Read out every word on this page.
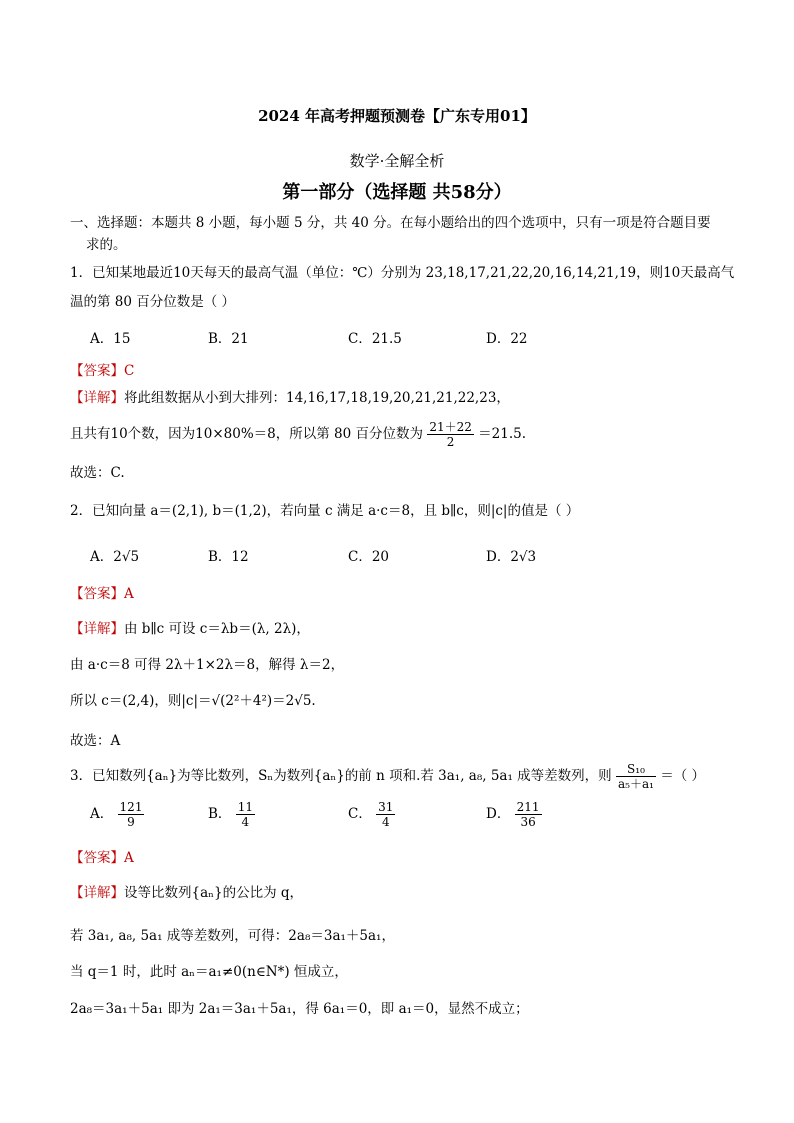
2024 年高考押题预测卷【广东专用01】
数学·全解全析
第一部分（选择题 共58分）
一、选择题：本题共 8 小题，每小题 5 分，共 40 分。在每小题给出的四个选项中，只有一项是符合题目要
求的。
1．已知某地最近10天每天的最高气温（单位：℃）分别为 23,18,17,21,22,20,16,14,21,19，则10天最高气
温的第 80 百分位数是（ ）
A．15	B．21	C．21.5	D．22
【答案】C
【详解】将此组数据从小到大排列：14,16,17,18,19,20,21,21,22,23，
且共有10个数，因为10×80%＝8，所以第 80 百分位数为 $\frac{21+22}{2} =21.5$.
故选：C.
2．已知向量 a＝(2,1), b＝(1,2)，若向量 c 满足 a·c＝8，且 b∥c，则|c|的值是（ ）
A．2√5	B．12	C．20	D．2√3
【答案】A
【详解】由 b∥c 可设 c＝λb＝(λ, 2λ)，
由 a·c＝8 可得 2λ＋1×2λ＝8，解得 λ＝2，
所以 c＝(2,4)，则|c|＝√(2²＋4²)＝2√5.
故选：A
3．已知数列{aₙ}为等比数列，Sₙ为数列{aₙ}的前 n 项和.若 3a₁, a₈, 5a₁ 成等差数列，则 $\frac{\text{S₁₀}}{\text{a₅＋a₁}}$ ＝（ ）
A． $\frac{121}{9}$	B． $\frac{11}{4}$	C． $\frac{31}{4}$	D． $\frac{211}{36}$
【答案】A
【详解】设等比数列{aₙ}的公比为 q，
若 3a₁, a₈, 5a₁ 成等差数列，可得：2a₈＝3a₁＋5a₁，
当 q＝1 时，此时 aₙ＝a₁≠0(n∈N*) 恒成立，
2a₈＝3a₁＋5a₁ 即为 2a₁＝3a₁＋5a₁，得 6a₁＝0，即 a₁＝0，显然不成立；
